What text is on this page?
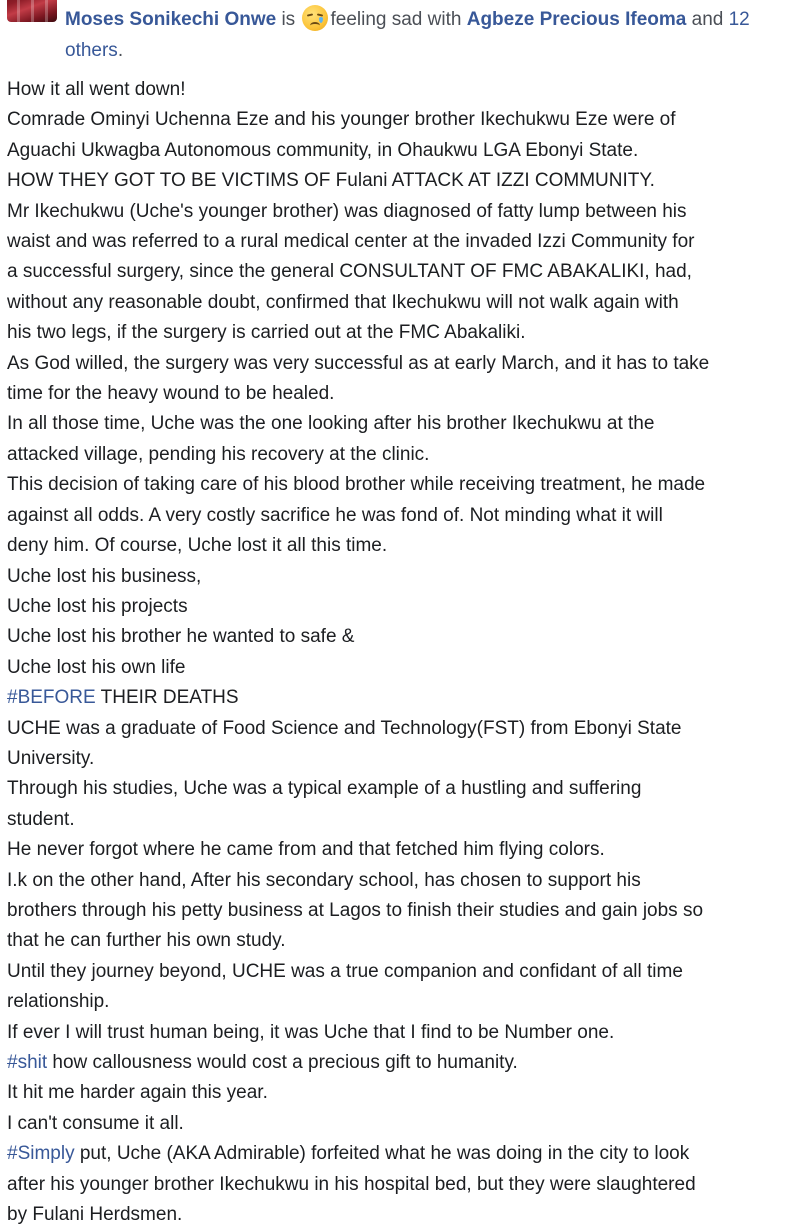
Moses Sonikechi Onwe is feeling sad with Agbeze Precious Ifeoma and 12
others.
How it all went down!
Comrade Ominyi Uchenna Eze and his younger brother Ikechukwu Eze were of
Aguachi Ukwagba Autonomous community, in Ohaukwu LGA Ebonyi State.
HOW THEY GOT TO BE VICTIMS OF Fulani ATTACK AT IZZI COMMUNITY.
Mr Ikechukwu (Uche's younger brother) was diagnosed of fatty lump between his
waist and was referred to a rural medical center at the invaded Izzi Community for
a successful surgery, since the general CONSULTANT OF FMC ABAKALIKI, had,
without any reasonable doubt, confirmed that Ikechukwu will not walk again with
his two legs, if the surgery is carried out at the FMC Abakaliki.
As God willed, the surgery was very successful as at early March, and it has to take
time for the heavy wound to be healed.
In all those time, Uche was the one looking after his brother Ikechukwu at the
attacked village, pending his recovery at the clinic.
This decision of taking care of his blood brother while receiving treatment, he made
against all odds. A very costly sacrifice he was fond of. Not minding what it will
deny him. Of course, Uche lost it all this time.
Uche lost his business,
Uche lost his projects
Uche lost his brother he wanted to safe &
Uche lost his own life
#BEFORE THEIR DEATHS
UCHE was a graduate of Food Science and Technology(FST) from Ebonyi State
University.
Through his studies, Uche was a typical example of a hustling and suffering
student.
He never forgot where he came from and that fetched him flying colors.
I.k on the other hand, After his secondary school, has chosen to support his
brothers through his petty business at Lagos to finish their studies and gain jobs so
that he can further his own study.
Until they journey beyond, UCHE was a true companion and confidant of all time
relationship.
If ever I will trust human being, it was Uche that I find to be Number one.
#shit how callousness would cost a precious gift to humanity.
It hit me harder again this year.
I can't consume it all.
#Simply put, Uche (AKA Admirable) forfeited what he was doing in the city to look
after his younger brother Ikechukwu in his hospital bed, but they were slaughtered
by Fulani Herdsmen.
